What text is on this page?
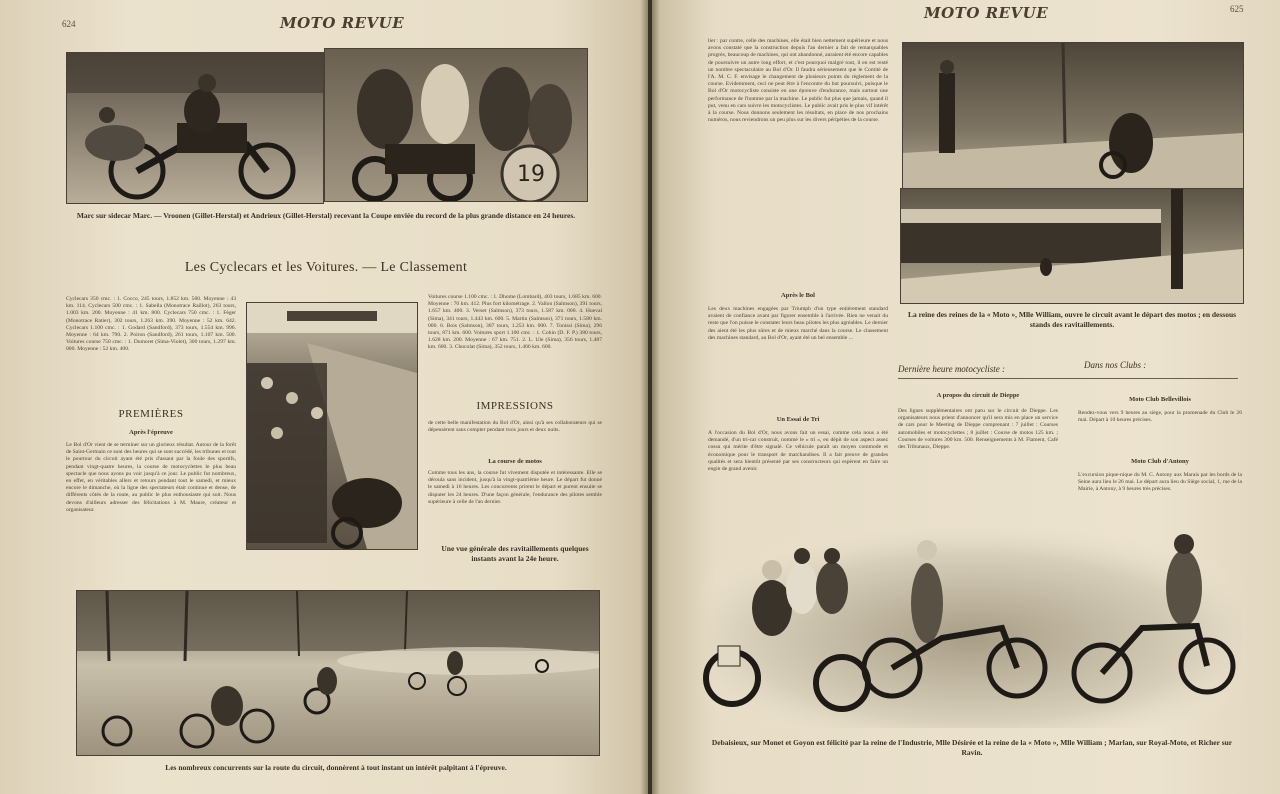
624	MOTO REVUE
19
Marc sur sidecar Marc. — Vroonen (Gillet-Herstal) et Andrieux (Gillet-Herstal) recevant la Coupe enviée du record de la plus grande distance en 24 heures.
Les Cyclecars et les Voitures. — Le Classement
Cyclecars 350 cmc. : 1. Cocco, 245 tours, 1.852 km. 500. Moyenne : 43 km. 114. Cyclecars 500 cmc. : 1. Sabella (Monotrace Raillot), 263 tours, 1.003 km. 200. Moyenne : 41 km. 800. Cyclecars 750 cmc. : 1. Fèger (Monotrace Ratier), 302 tours, 1.263 km. 390. Moyenne : 52 km. 642. Cyclecars 1.100 cmc. : 1. Godard (Sandford), 373 tours, 1.554 km. 996. Moyenne : 64 km. 790. 2. Poiron (Sandford), 261 tours, 1.107 km. 500. Voitures course 750 cmc. : 1. Dumoret (Sima-Violet), 300 tours, 1.297 km. 000. Moyenne : 52 km. 400.
Voitures course 1.100 cmc. : 1. Dhome (Lombard), 403 tours, 1.685 km. 600. Moyenne : 70 km. 412. Plus fort kilométrage. 2. Vallon (Salmson), 391 tours, 1.657 km. 400. 3. Verset (Salmson), 373 tours, 1.587 km. 000. 4. Hueval (Sima), 341 tours, 1.443 km. 600. 5. Martin (Salmson), 371 tours, 1.580 km. 000. 6. Bois (Salmson), 387 tours, 1.253 km. 000. 7. Tonissi (Sima), 296 tours, 871 km. 600. Voitures sport 1.100 cmc. : 1. Cohin (D. F. P.) 380 tours, 1.628 km. 200. Moyenne : 67 km. 751. 2. L. Ule (Sima), 356 tours, 1.487 km. 600. 3. Chocolat (Sima), 352 tours, 1.466 km. 600.
PREMIÈRES
Après l'épreuve
Le Bol d'Or vient de se terminer sur un glorieux résultat. Autour de la forêt de Saint-Germain ce sont des heures qui se sont succédé, les tribunes et tout le pourtour du circuit ayant été pris d'assaut par la foule des sportifs, pendant vingt-quatre heures, la course de motocyclettes le plus beau spectacle que nous ayons pu voir jusqu'à ce jour. Le public fut nombreux, en effet, en véritables allers et retours pendant tout le samedi, et mieux encore le dimanche, où la ligne des spectateurs était continue et dense, de différents côtés de la route, au public le plus enthousiaste qui soit. Nous devons d'ailleurs adresser des félicitations à M. Maure, créateur et organisateur.
IMPRESSIONS
de cette belle manifestation du Bol d'Or, ainsi qu'à ses collaborateurs qui se dépensèrent sans compter pendant trois jours et deux nuits.
La course de motos
Comme tous les ans, la course fut vivement disputée et intéressante. Elle se déroula sans incident, jusqu'à la vingt-quatrième heure. Le départ fut donné le samedi à 16 heures. Les concurrents prirent le départ et purent ensuite se disputer les 24 heures. D'une façon générale, l'endurance des pilotes semble supérieure à celle de l'an dernier.
Une vue générale des ravitaillements quelques instants avant la 24e heure.
Les nombreux concurrents sur la route du circuit, donnèrent à tout instant un intérêt palpitant à l'épreuve.
MOTO REVUE	625
lier : par contre, celle des machines, elle était bien nettement supérieure et nous avons constaté que la construction depuis l'an dernier a fait de remarquables progrès, beaucoup de machines, qui ont abandonné, auraient été encore capables de poursuivre un autre long effort, et c'est pourquoi malgré tout, il en est resté un nombre spectaculaire au Bol d'Or. Il faudra sérieusement que le Comité de l'A. M. C. F. envisage le changement de plusieurs points du règlement de la course. Evidemment, ceci ne peut être à l'encontre du but poursuivi, puisque le Bol d'Or motocycliste consiste en une épreuve d'endurance, mais surtout une performance de l'homme par la machine. Le public fut plus que jamais, quand il put, venu en cars suivre les motocyclistes. Le public avait pris le plus vif intérêt à la course. Nous donnons seulement les résultats, en place de nos prochains numéros, nous reviendrons un peu plus sur les divers péripéties de la course.
La reine des reines de la « Moto », Mlle William, ouvre le circuit avant le départ des motos ; en dessous stands des ravitaillements.
Après le Bol
Les deux machines engagées par Triumph d'un type entièrement standard avaient de confiance avant par figurer ensemble à l'arrivée. Rien ne venait du reste que l'on puisse le constater leurs beau pilotes les plus agréables. Le dernier des aient été les plus sûres et de mieux marché dans la course. Le classement des machines standard, au Bol d'Or, ayant été un bel ensemble ...
Un Essai de Tri
À l'occasion du Bol d'Or, nous avons fait un essai, comme cela nous a été demandé, d'un tri-car construit, nommé le « tri », en dépit de son aspect assez cossu qui mérite d'être signalé. Ce véhicule paraît un moyen commode et économique pour le transport de marchandises. Il a fait preuve de grandes qualités et sera bientôt présenté par ses constructeurs qui espèrent en faire un engin de grand avenir.
Dernière heure motocycliste :	Dans nos Clubs :
A propos du circuit de Dieppe
Des lignes supplémentaires ont paru sur le circuit de Dieppe. Les organisateurs nous prient d'annoncer qu'il sera mis en place un service de cars pour le Meeting de Dieppe comprenant : 7 juillet : Courses automobiles et motocyclettes ; 8 juillet : Course de motos 125 km. ; Courses de voitures 300 km. 500. Renseignements à M. Flament, Café des Tribunaux, Dieppe.
Moto Club Bellevillois
Rendez-vous vers 9 heures au siège, pour la promenade du Club le 26 mai. Départ à 10 heures précises.
Moto Club d'Antony
L'excursion pique-nique du M. C. Antony aux Marais par les bords de la Seine aura lieu le 26 mai. Le départ aura lieu du Siège social, 1, rue de la Mairie, à Antony, à 9 heures très précises.
Debaisieux, sur Monet et Goyon est félicité par la reine de l'Industrie, Mlle Désirée et la reine de la « Moto », Mlle William ; Marlan, sur Royal-Moto, et Richer sur Ravin.
